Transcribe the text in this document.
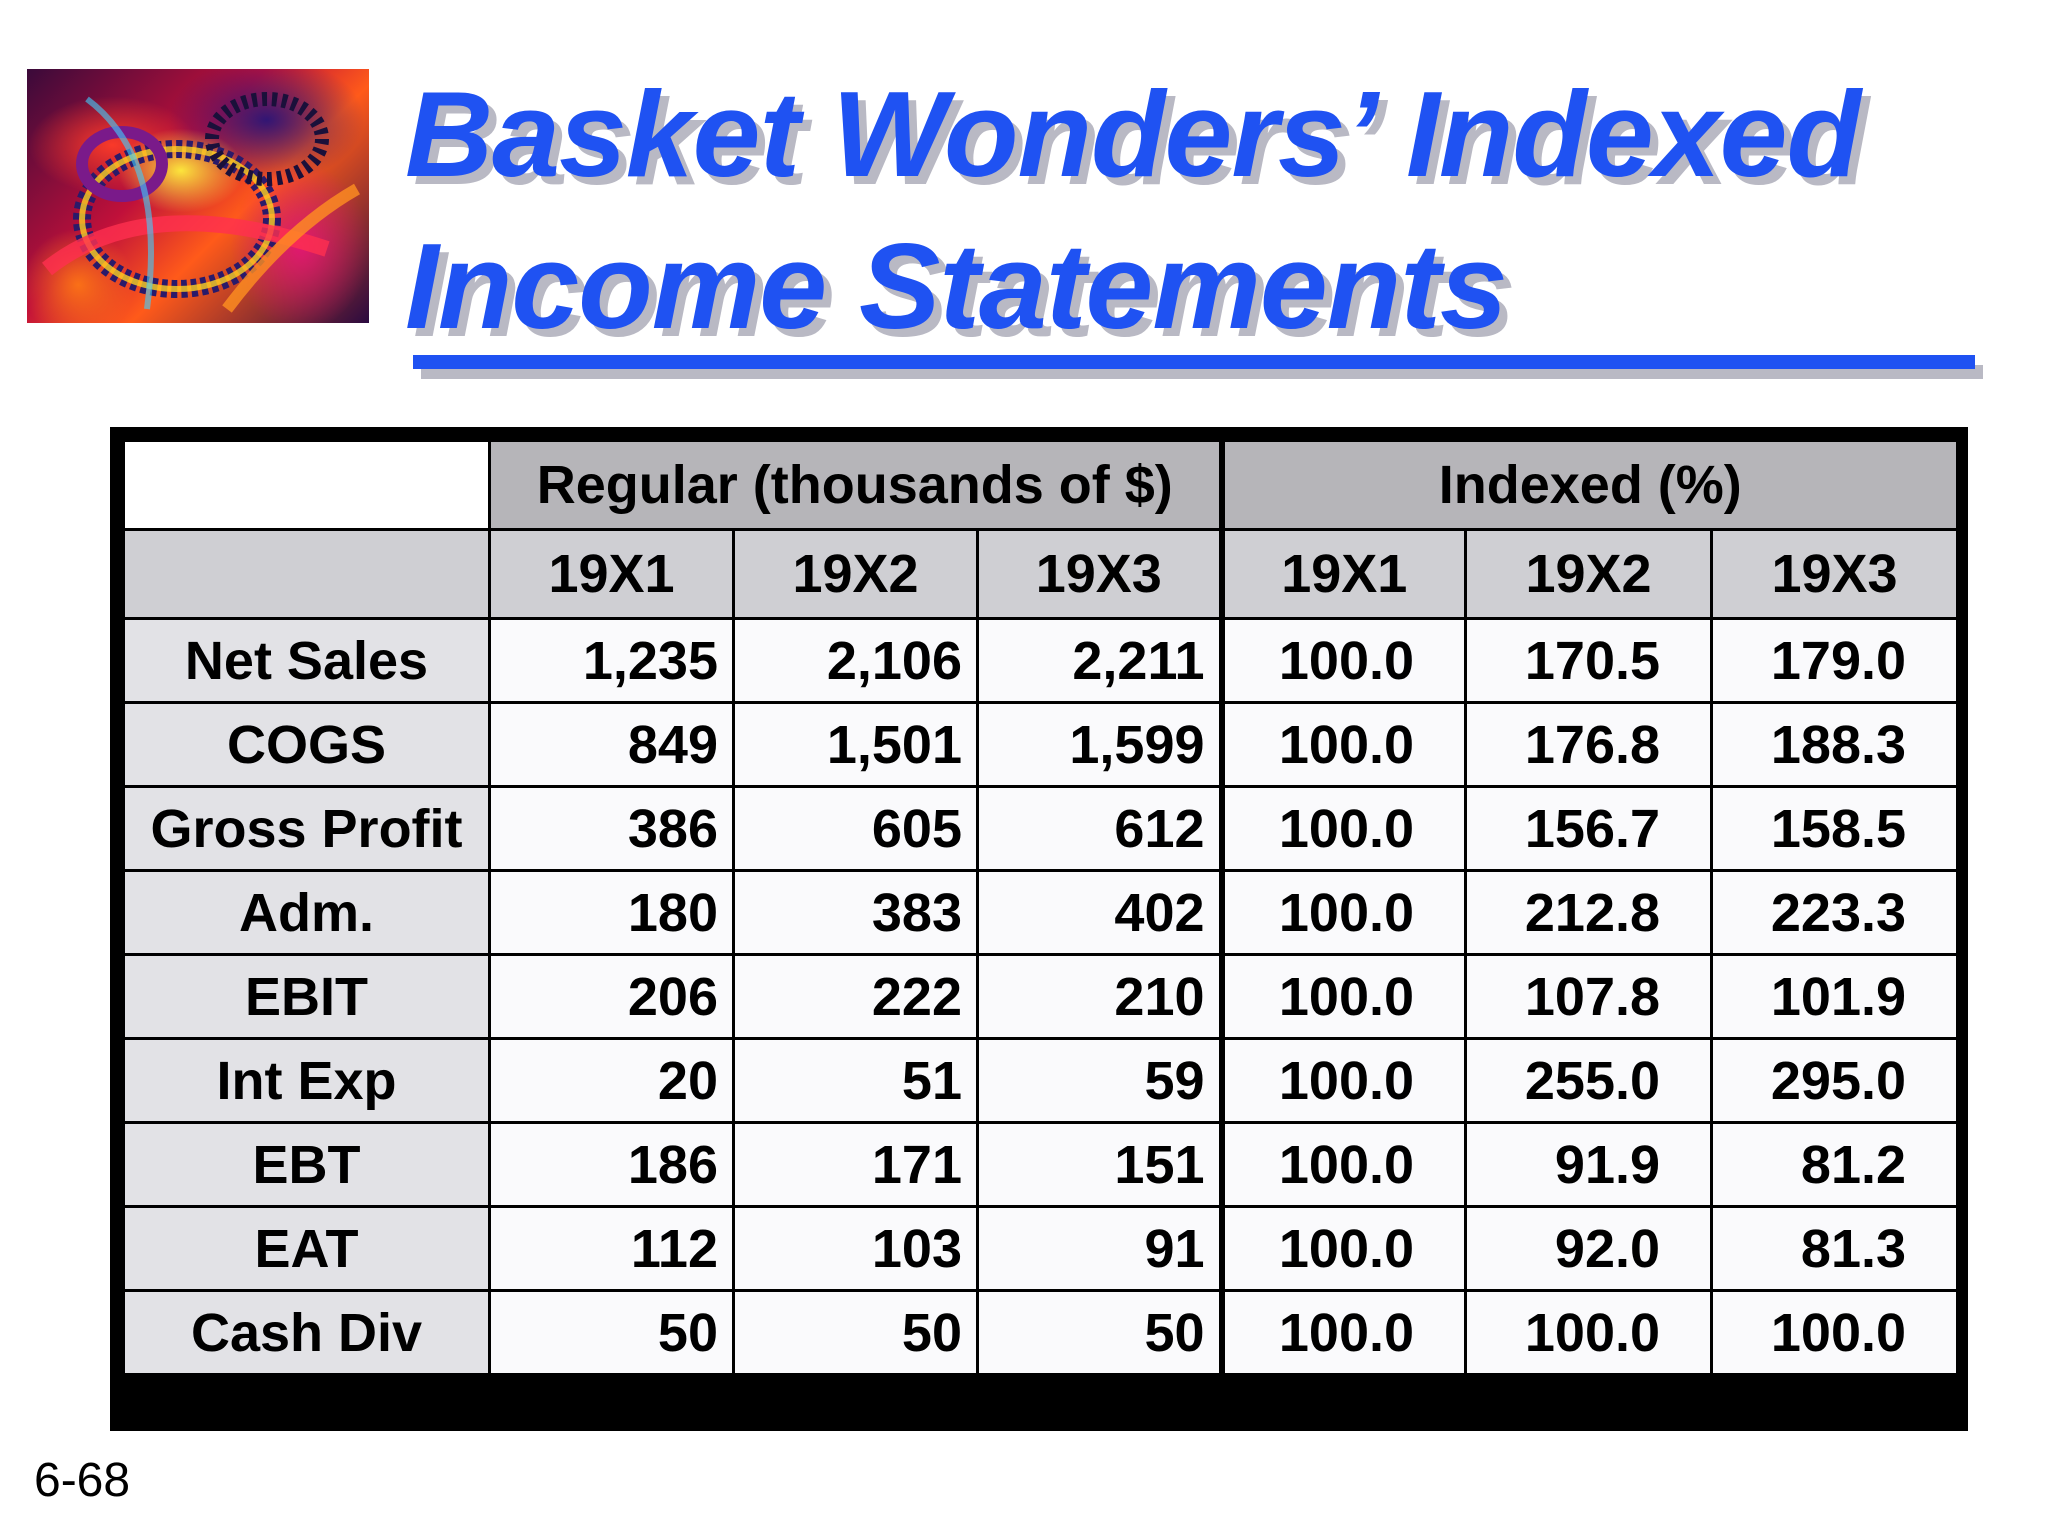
Basket Wonders’ Indexed
Income Statements
	Regular (thousands of $)			Indexed (%)		
	19X1	19X2	19X3	19X1	19X2	19X3
Net Sales	1,235	2,106	2,211	100.0	170.5	179.0
COGS	849	1,501	1,599	100.0	176.8	188.3
Gross Profit	386	605	612	100.0	156.7	158.5
Adm.	180	383	402	100.0	212.8	223.3
EBIT	206	222	210	100.0	107.8	101.9
Int Exp	20	51	59	100.0	255.0	295.0
EBT	186	171	151	100.0	91.9	81.2
EAT	112	103	91	100.0	92.0	81.3
Cash Div	50	50	50	100.0	100.0	100.0
6-68
